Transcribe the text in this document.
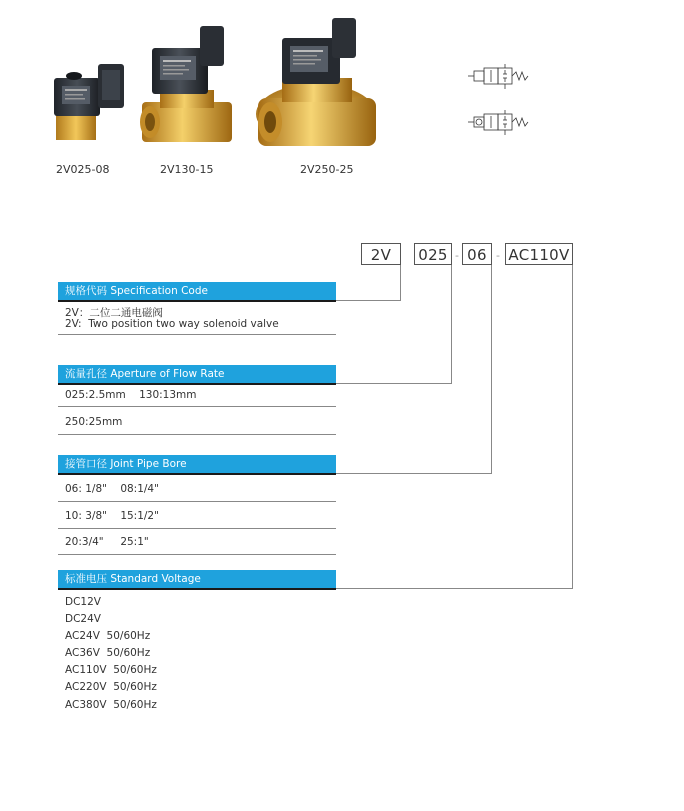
2V025-08	2V130-15	2V250-25
2V	025 - 06 - AC110V
规格代码 Specification Code
2V：二位二通电磁阀
2V:  Two position two way solenoid valve
流量孔径 Aperture of Flow Rate
025:2.5mm    130:13mm
250:25mm
接管口径 Joint Pipe Bore
06: 1/8"    08:1/4"
10: 3/8"    15:1/2"
20:3/4"     25:1"
标准电压 Standard Voltage
DC12V
DC24V
AC24V  50/60Hz
AC36V  50/60Hz
AC110V  50/60Hz
AC220V  50/60Hz
AC380V  50/60Hz
